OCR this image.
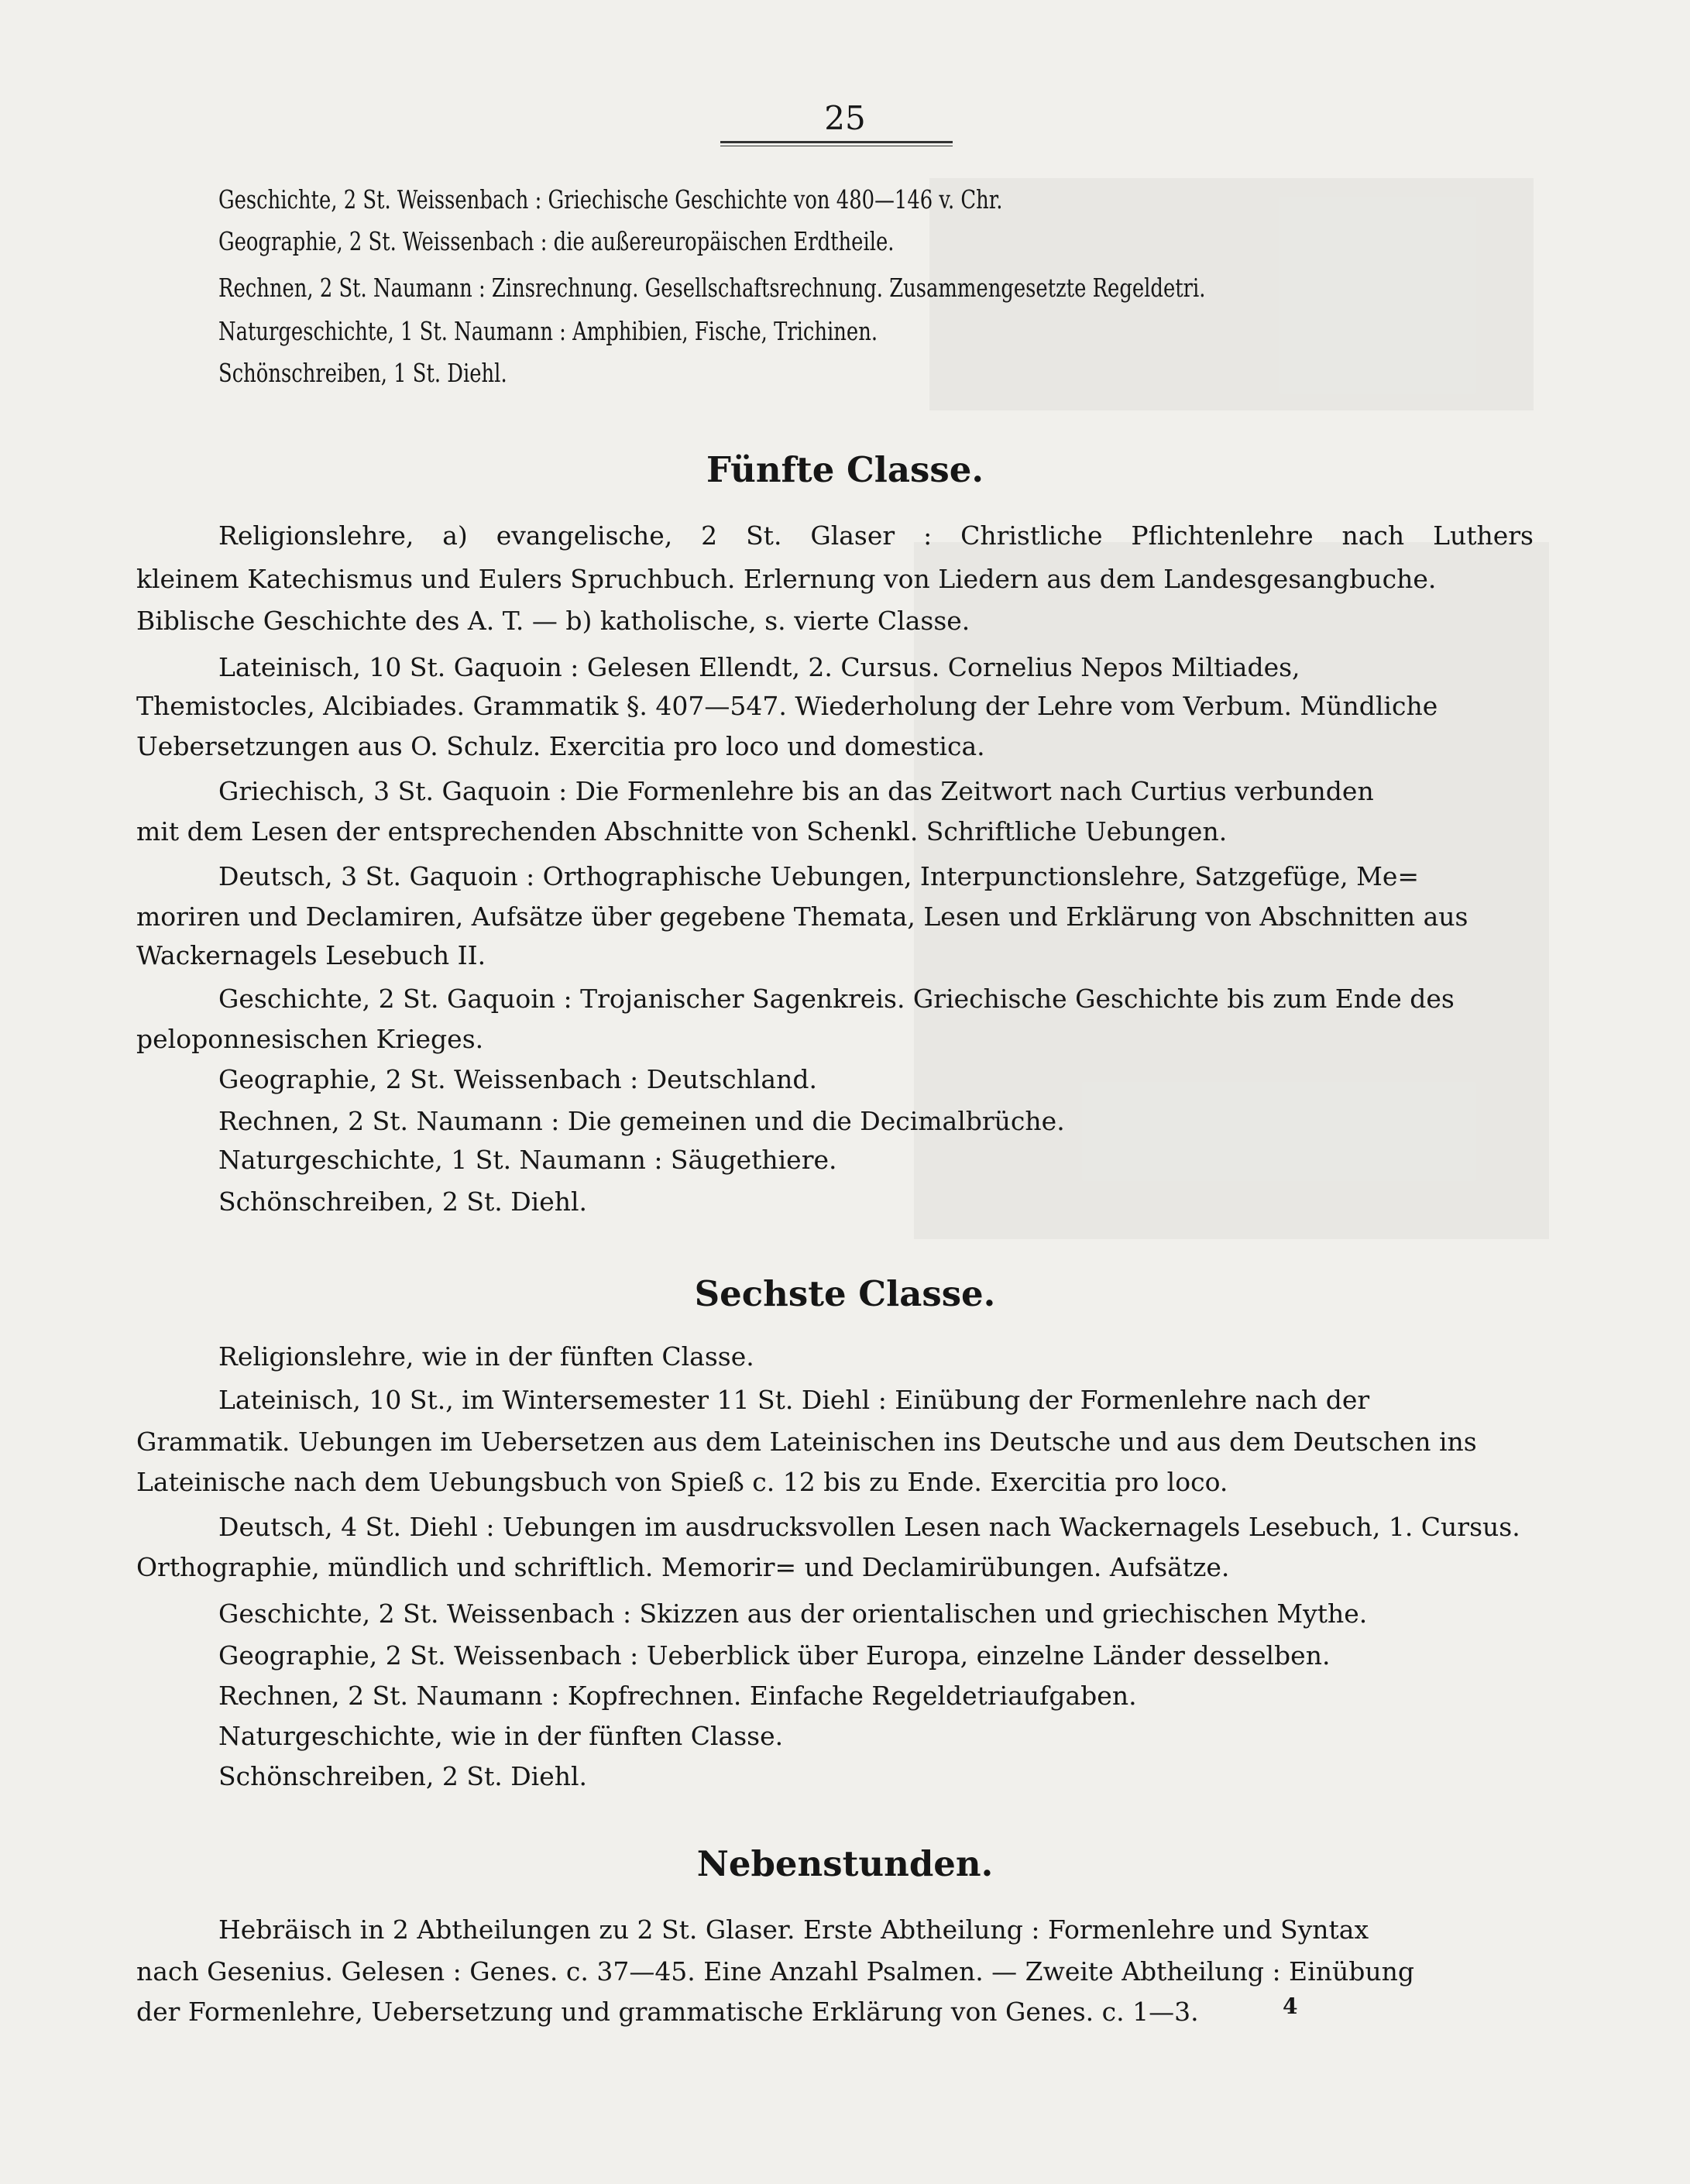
25
Geschichte, 2 St. Weissenbach : Griechische Geschichte von 480—146 v. Chr.
Geographie, 2 St. Weissenbach : die außereuropäischen Erdtheile.
Rechnen, 2 St. Naumann : Zinsrechnung. Gesellschaftsrechnung. Zusammengesetzte Regeldetri.
Naturgeschichte, 1 St. Naumann : Amphibien, Fische, Trichinen.
Schönschreiben, 1 St. Diehl.
Fünfte Classe.
Religionslehre, a) evangelische, 2 St. Glaser : Christliche Pflichtenlehre nach Luthers
kleinem Katechismus und Eulers Spruchbuch. Erlernung von Liedern aus dem Landesgesangbuche.
Biblische Geschichte des A. T. — b) katholische, s. vierte Classe.
Lateinisch, 10 St. Gaquoin : Gelesen Ellendt, 2. Cursus. Cornelius Nepos Miltiades,
Themistocles, Alcibiades. Grammatik §. 407—547. Wiederholung der Lehre vom Verbum. Mündliche
Uebersetzungen aus O. Schulz. Exercitia pro loco und domestica.
Griechisch, 3 St. Gaquoin : Die Formenlehre bis an das Zeitwort nach Curtius verbunden
mit dem Lesen der entsprechenden Abschnitte von Schenkl. Schriftliche Uebungen.
Deutsch, 3 St. Gaquoin : Orthographische Uebungen, Interpunctionslehre, Satzgefüge, Me=
moriren und Declamiren, Aufsätze über gegebene Themata, Lesen und Erklärung von Abschnitten aus
Wackernagels Lesebuch II.
Geschichte, 2 St. Gaquoin : Trojanischer Sagenkreis. Griechische Geschichte bis zum Ende des
peloponnesischen Krieges.
Geographie, 2 St. Weissenbach : Deutschland.
Rechnen, 2 St. Naumann : Die gemeinen und die Decimalbrüche.
Naturgeschichte, 1 St. Naumann : Säugethiere.
Schönschreiben, 2 St. Diehl.
Sechste Classe.
Religionslehre, wie in der fünften Classe.
Lateinisch, 10 St., im Wintersemester 11 St. Diehl : Einübung der Formenlehre nach der
Grammatik. Uebungen im Uebersetzen aus dem Lateinischen ins Deutsche und aus dem Deutschen ins
Lateinische nach dem Uebungsbuch von Spieß c. 12 bis zu Ende. Exercitia pro loco.
Deutsch, 4 St. Diehl : Uebungen im ausdrucksvollen Lesen nach Wackernagels Lesebuch, 1. Cursus.
Orthographie, mündlich und schriftlich. Memorir= und Declamirübungen. Aufsätze.
Geschichte, 2 St. Weissenbach : Skizzen aus der orientalischen und griechischen Mythe.
Geographie, 2 St. Weissenbach : Ueberblick über Europa, einzelne Länder desselben.
Rechnen, 2 St. Naumann : Kopfrechnen. Einfache Regeldetriaufgaben.
Naturgeschichte, wie in der fünften Classe.
Schönschreiben, 2 St. Diehl.
Nebenstunden.
Hebräisch in 2 Abtheilungen zu 2 St. Glaser. Erste Abtheilung : Formenlehre und Syntax
nach Gesenius. Gelesen : Genes. c. 37—45. Eine Anzahl Psalmen. — Zweite Abtheilung : Einübung
der Formenlehre, Uebersetzung und grammatische Erklärung von Genes. c. 1—3.	4
